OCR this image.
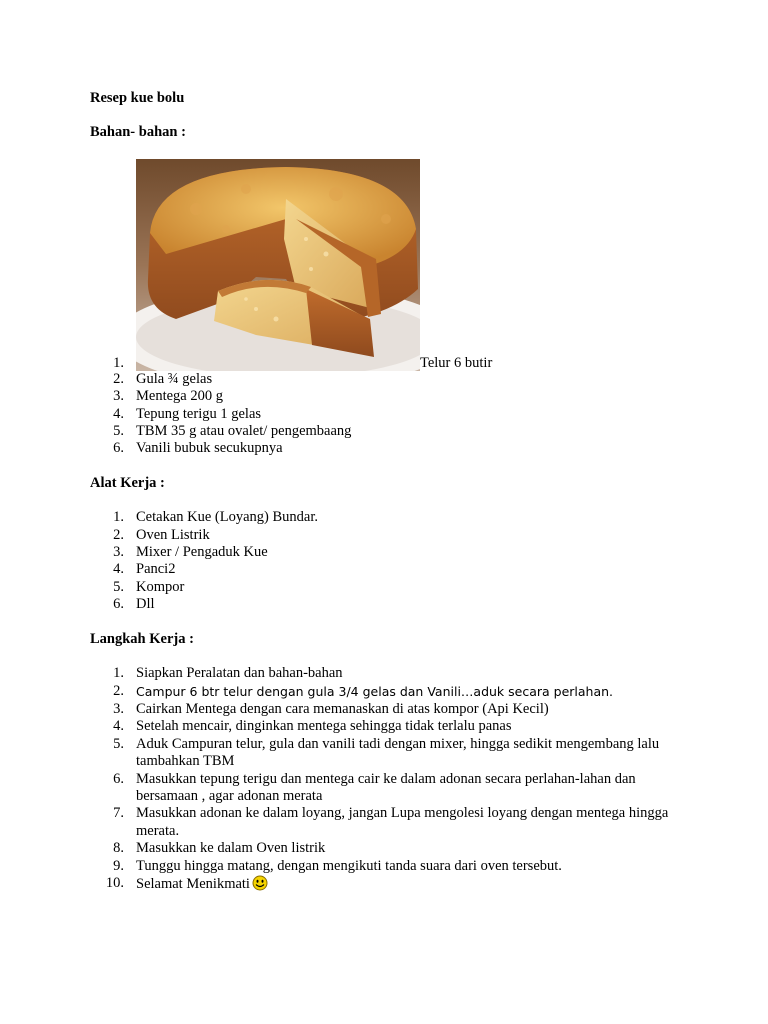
Resep kue bolu
Bahan- bahan :
1.	Telur 6 butir
2. Gula ¾ gelas
3. Mentega 200 g
4. Tepung terigu 1 gelas
5. TBM 35 g atau ovalet/ pengembaang
6. Vanili bubuk secukupnya
Alat Kerja :
1. Cetakan Kue (Loyang) Bundar.
2. Oven Listrik
3. Mixer / Pengaduk Kue
4. Panci2
5. Kompor
6. Dll
Langkah Kerja :
1. Siapkan Peralatan dan bahan-bahan
2. Campur 6 btr telur dengan gula 3/4 gelas dan Vanili…aduk secara perlahan.
3. Cairkan Mentega dengan cara memanaskan di atas kompor (Api Kecil)
4. Setelah mencair, dinginkan mentega sehingga tidak terlalu panas
5. Aduk Campuran telur, gula dan vanili tadi dengan mixer, hingga sedikit mengembang lalu tambahkan TBM
6. Masukkan tepung terigu dan mentega cair ke dalam adonan secara perlahan-lahan dan bersamaan , agar adonan merata
7. Masukkan adonan ke dalam loyang, jangan Lupa mengolesi loyang dengan mentega hingga merata.
8. Masukkan ke dalam Oven listrik
9. Tunggu hingga matang, dengan mengikuti tanda suara dari oven tersebut.
10. Selamat Menikmati
